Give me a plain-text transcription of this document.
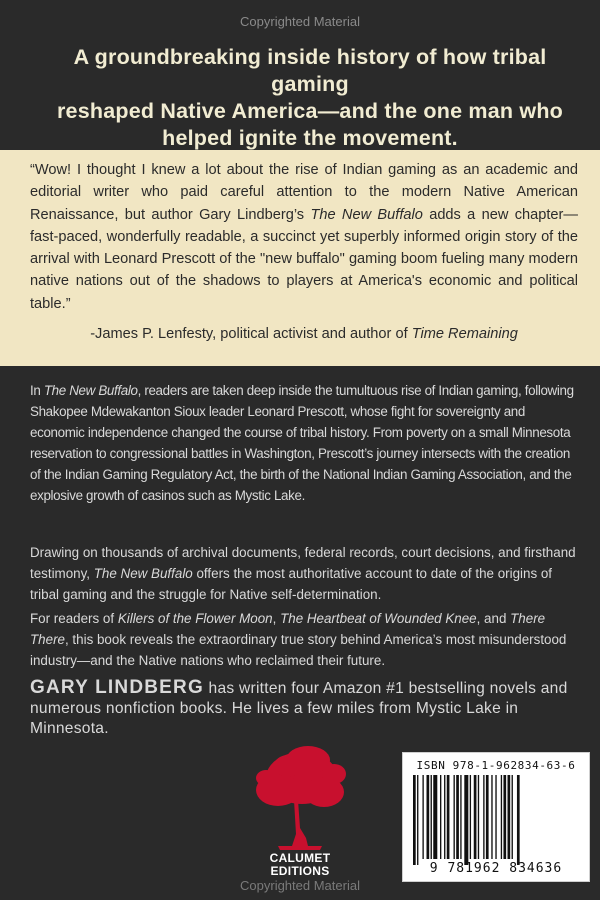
Copyrighted Material
A groundbreaking inside history of how tribal gaming
reshaped Native America—and the one man who
helped ignite the movement.
“Wow! I thought I knew a lot about the rise of Indian gaming as an academic and editorial writer who paid careful attention to the modern Native American Renaissance, but author Gary Lindberg’s The New Buffalo adds a new chapter—fast-paced, wonderfully readable, a succinct yet superbly informed origin story of the arrival with Leonard Prescott of the "new buffalo" gaming boom fueling many modern native nations out of the shadows to players at America's economic and political table.”
-James P. Lenfesty, political activist and author of Time Remaining
In The New Buffalo, readers are taken deep inside the tumultuous rise of Indian gaming, following Shakopee Mdewakanton Sioux leader Leonard Prescott, whose fight for sovereignty and economic independence changed the course of tribal history. From poverty on a small Minnesota reservation to congressional battles in Washington, Prescott’s journey intersects with the creation of the Indian Gaming Regulatory Act, the birth of the National Indian Gaming Association, and the explosive growth of casinos such as Mystic Lake.
Drawing on thousands of archival documents, federal records, court decisions, and firsthand testimony, The New Buffalo offers the most authoritative account to date of the origins of tribal gaming and the struggle for Native self-determination.
For readers of Killers of the Flower Moon, The Heartbeat of Wounded Knee, and There There, this book reveals the extraordinary true story behind America’s most misunderstood industry—and the Native nations who reclaimed their future.
GARY LINDBERG has written four Amazon #1 bestselling novels and numerous nonfiction books. He lives a few miles from Mystic Lake in Minnesota.
CALUMET
EDITIONS
Copyrighted Material
ISBN 978-1-962834-63-6
9 781962 834636
